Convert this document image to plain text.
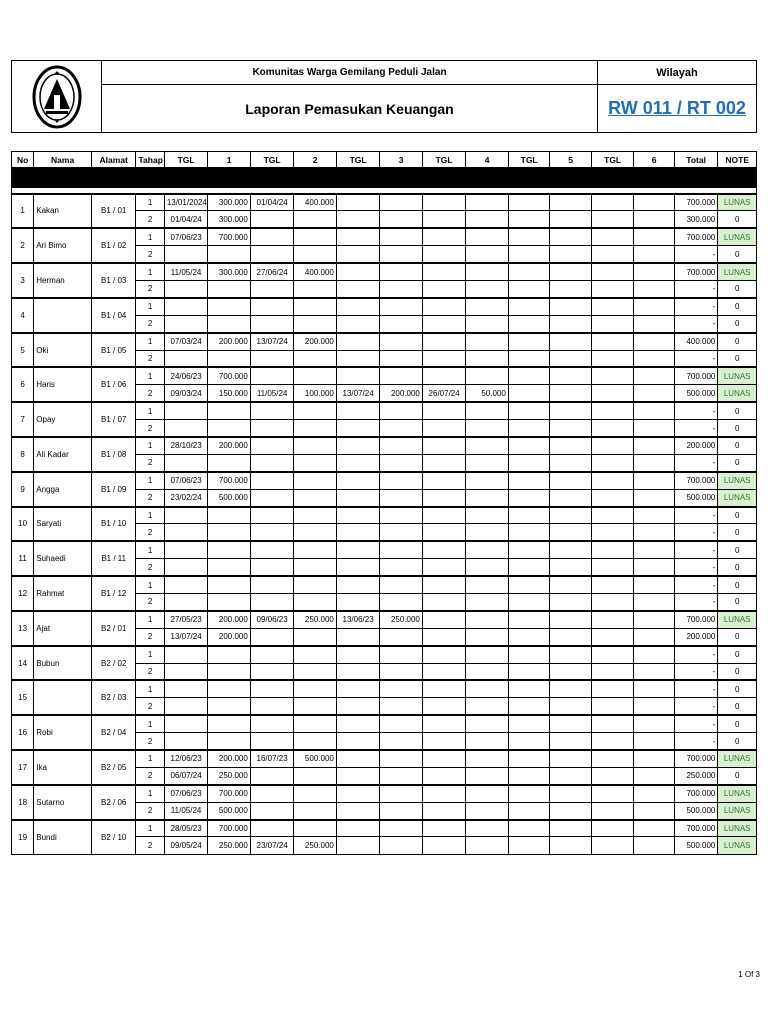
Komunitas Warga Gemilang Peduli Jalan
Laporan Pemasukan Keuangan
Wilayah
RW 011 / RT 002
No	Nama	Alamat	Tahap	TGL	1	TGL	2	TGL	3	TGL	4	TGL	5	TGL	6	Total	NOTE

1	Kakan	B1 / 01	1	13/01/2024	300.000	01/04/24	400.000									700.000	LUNAS
			2	01/04/24	300.000											300.000	0
2	Ari Bimo	B1 / 02	1	07/06/23	700.000											700.000	LUNAS
			2													-	0
3	Herman	B1 / 03	1	11/05/24	300.000	27/06/24	400.000									700.000	LUNAS
			2													-	0
4		B1 / 04	1													-	0
			2													-	0
5	Oki	B1 / 05	1	07/03/24	200.000	13/07/24	200.000									400.000	0
			2													-	0
6	Haris	B1 / 06	1	24/06/23	700.000											700.000	LUNAS
			2	09/03/24	150.000	11/05/24	100.000	13/07/24	200.000	26/07/24	50.000					500.000	LUNAS
7	Opay	B1 / 07	1													-	0
			2													-	0
8	Ali Kadar	B1 / 08	1	28/10/23	200.000											200.000	0
			2													-	0
9	Angga	B1 / 09	1	07/06/23	700.000											700.000	LUNAS
			2	23/02/24	500.000											500.000	LUNAS
10	Saryati	B1 / 10	1													-	0
			2													-	0
11	Suhaedi	B1 / 11	1													-	0
			2													-	0
12	Rahmat	B1 / 12	1													-	0
			2													-	0
13	Ajat	B2 / 01	1	27/05/23	200.000	09/06/23	250.000	13/06/23	250.000							700.000	LUNAS
			2	13/07/24	200.000											200.000	0
14	Bubun	B2 / 02	1													-	0
			2													-	0
15		B2 / 03	1													-	0
			2													-	0
16	Robi	B2 / 04	1													-	0
			2													-	0
17	Ika	B2 / 05	1	12/06/23	200.000	16/07/23	500.000									700.000	LUNAS
			2	06/07/24	250.000											250.000	0
18	Sutarno	B2 / 06	1	07/06/23	700.000											700.000	LUNAS
			2	11/05/24	500.000											500.000	LUNAS
19	Bundi	B2 / 10	1	28/05/23	700.000											700.000	LUNAS
			2	09/05/24	250.000	23/07/24	250.000									500.000	LUNAS
1 Of 3
